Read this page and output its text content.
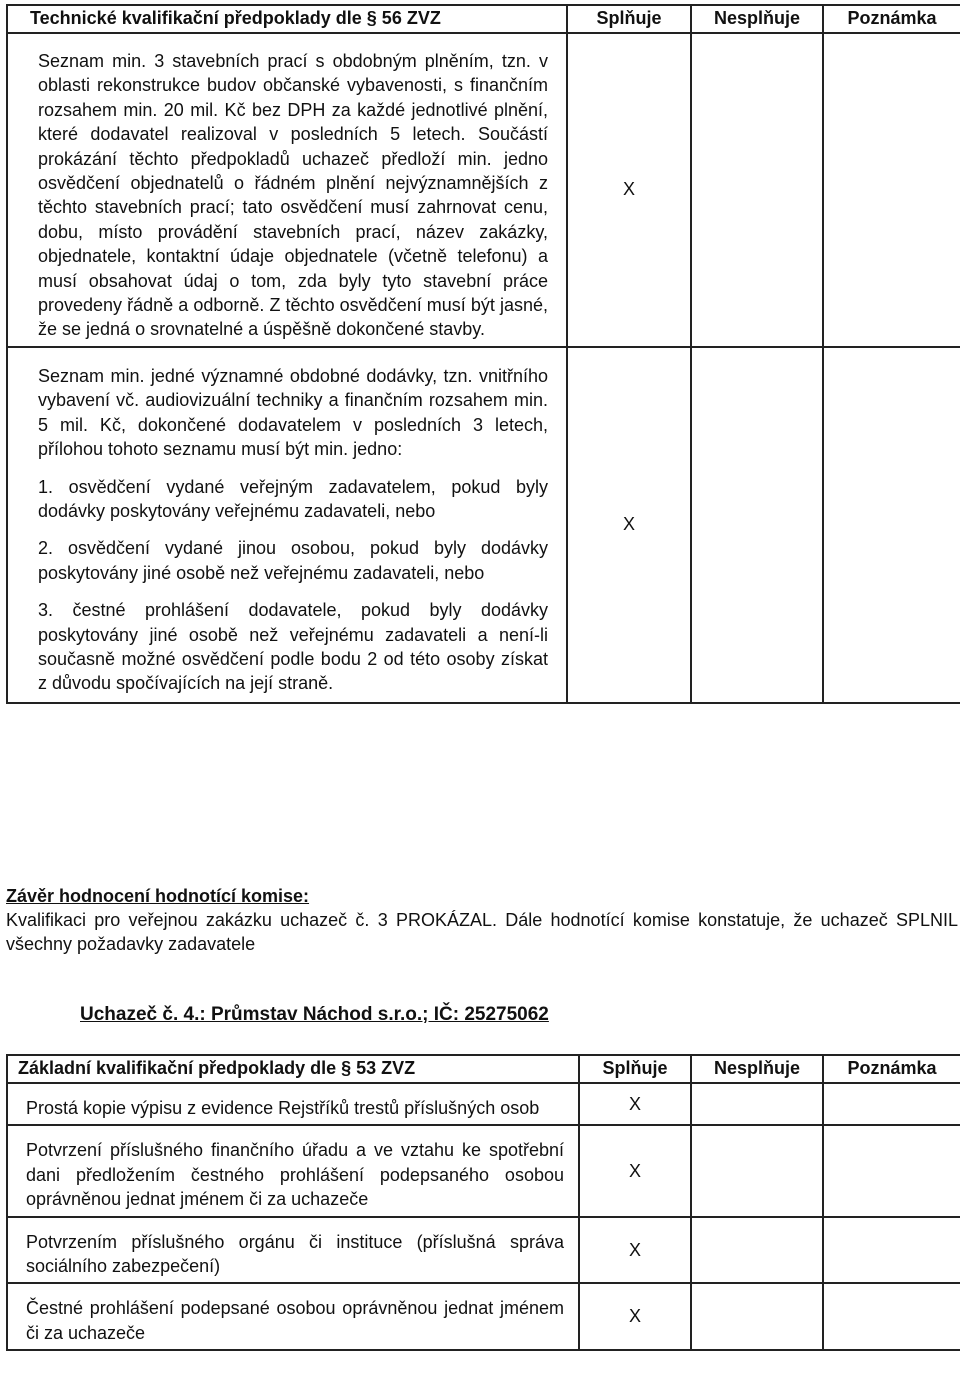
Technické kvalifikační předpoklady dle § 56 ZVZ	Splňuje	Nesplňuje	Poznámka

Seznam min. 3 stavebních prací s obdobným plněním, tzn. v oblasti rekonstrukce budov občanské vybavenosti, s finančním rozsahem min. 20 mil. Kč bez DPH za každé jednotlivé plnění, které dodavatel realizoval v posledních 5 letech. Součástí prokázání těchto předpokladů uchazeč předloží min. jedno osvědčení objednatelů o řádném plnění nejvýznamnějších z těchto stavebních prací; tato osvědčení musí zahrnovat cenu, dobu, místo provádění stavebních prací, název zakázky, objednatele, kontaktní údaje objednatele (včetně telefonu) a musí obsahovat údaj o tom, zda byly tyto stavební práce provedeny řádně a odborně. Z těchto osvědčení musí být jasné, že se jedná o srovnatelné a úspěšně dokončené stavby.	X		

Seznam min. jedné významné obdobné dodávky, tzn. vnitřního vybavení vč. audiovizuální techniky a finančním rozsahem min. 5 mil. Kč, dokončené dodavatelem v posledních 3 letech, přílohou tohoto seznamu musí být min. jedno:

1. osvědčení vydané veřejným zadavatelem, pokud byly dodávky poskytovány veřejnému zadavateli, nebo

2. osvědčení vydané jinou osobou, pokud byly dodávky poskytovány jiné osobě než veřejnému zadavateli, nebo

3. čestné prohlášení dodavatele, pokud byly dodávky poskytovány jiné osobě než veřejnému zadavateli a není-li současně možné osvědčení podle bodu 2 od této osoby získat z důvodu spočívajících na její straně.	X		
Závěr hodnocení hodnotící komise:
Kvalifikaci pro veřejnou zakázku uchazeč č. 3 PROKÁZAL. Dále hodnotící komise konstatuje, že uchazeč SPLNIL všechny požadavky zadavatele
Uchazeč č. 4.: Průmstav Náchod s.r.o.; IČ: 25275062
Základní kvalifikační předpoklady dle § 53 ZVZ	Splňuje	Nesplňuje	Poznámka

Prostá kopie výpisu z evidence Rejstříků trestů příslušných osob	X		

Potvrzení příslušného finančního úřadu a ve vztahu ke spotřební dani předložením čestného prohlášení podepsaného osobou oprávněnou jednat jménem či za uchazeče	X		

Potvrzením příslušného orgánu či instituce (příslušná správa sociálního zabezpečení)	X		

Čestné prohlášení podepsané osobou oprávněnou jednat jménem či za uchazeče	X		
